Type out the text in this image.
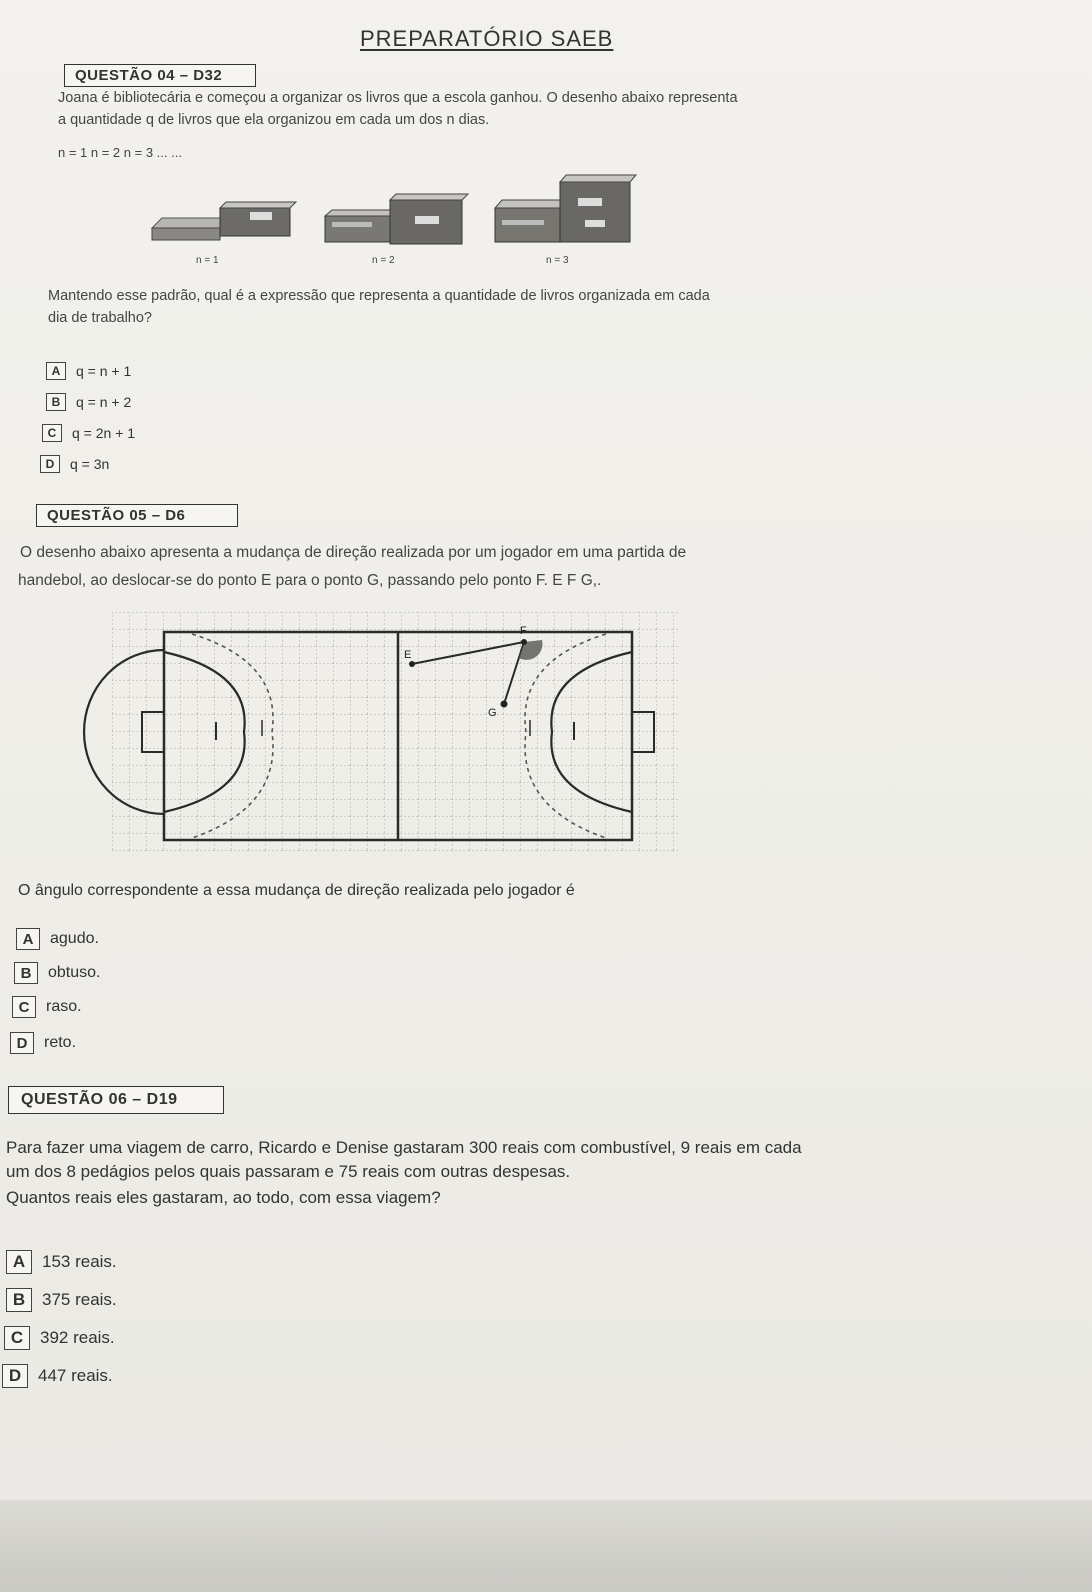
PREPARATÓRIO SAEB
QUESTÃO 04 – D32
Joana é bibliotecária e começou a organizar os livros que a escola ganhou. O desenho abaixo representa
a quantidade q de livros que ela organizou em cada um dos n dias.
n = 1 n = 2 n = 3 ... ...
n = 1	n = 2	n = 3
Mantendo esse padrão, qual é a expressão que representa a quantidade de livros organizada em cada
dia de trabalho?
A	q = n + 1
B	q = n + 2
C	q = 2n + 1
D	q = 3n
QUESTÃO 05 – D6
O desenho abaixo apresenta a mudança de direção realizada por um jogador em uma partida de
handebol, ao deslocar-se do ponto E para o ponto G, passando pelo ponto F. E F G,.
E
F
G
O ângulo correspondente a essa mudança de direção realizada pelo jogador é
A	agudo.
B	obtuso.
C	raso.
D	reto.
QUESTÃO 06 – D19
Para fazer uma viagem de carro, Ricardo e Denise gastaram 300 reais com combustível, 9 reais em cada
um dos 8 pedágios pelos quais passaram e 75 reais com outras despesas.
Quantos reais eles gastaram, ao todo, com essa viagem?
A 153 reais.
B 375 reais.
C 392 reais.
D 447 reais.
